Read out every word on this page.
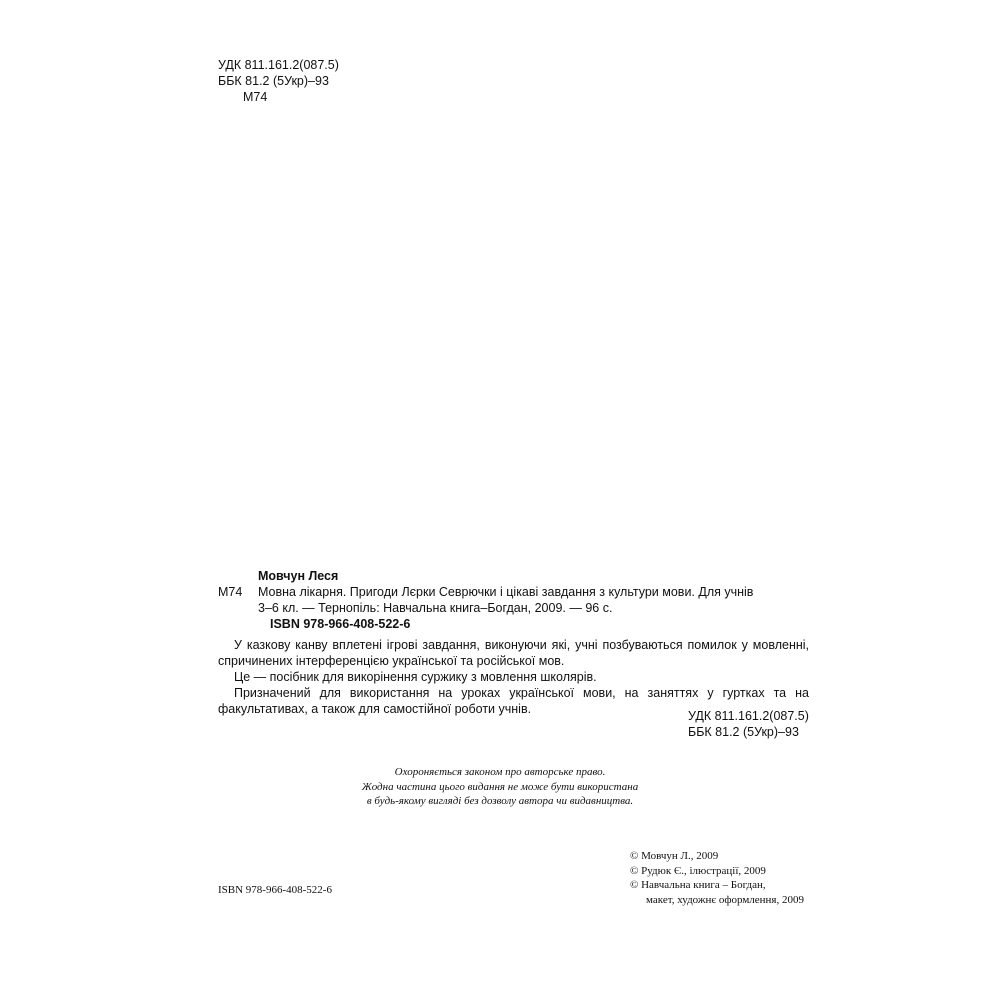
УДК 811.161.2(087.5)
ББК 81.2 (5Укр)–93
М74
Мовчун Леся
М74 Мовна лікарня. Пригоди Лєрки Севрючки і цікаві завдання з культури мови. Для учнів
3–6 кл. — Тернопіль: Навчальна книга–Богдан, 2009. — 96 с.
ISBN 978-966-408-522-6
У казкову канву вплетені ігрові завдання, виконуючи які, учні позбуваються помилок у мовленні, спричинених інтерференцією української та російської мов.
Це — посібник для викорінення суржику з мовлення школярів.
Призначений для використання на уроках української мови, на заняттях у гуртках та на факультативах, а також для самостійної роботи учнів.	УДК 811.161.2(087.5)
ББК 81.2 (5Укр)–93
Охороняється законом про авторське право.
Жодна частина цього видання не може бути використана
в будь-якому вигляді без дозволу автора чи видавництва.
ISBN 978-966-408-522-6
© Мовчун Л., 2009
© Рудюк Є., ілюстрації, 2009
© Навчальна книга – Богдан,
макет, художнє оформлення, 2009
